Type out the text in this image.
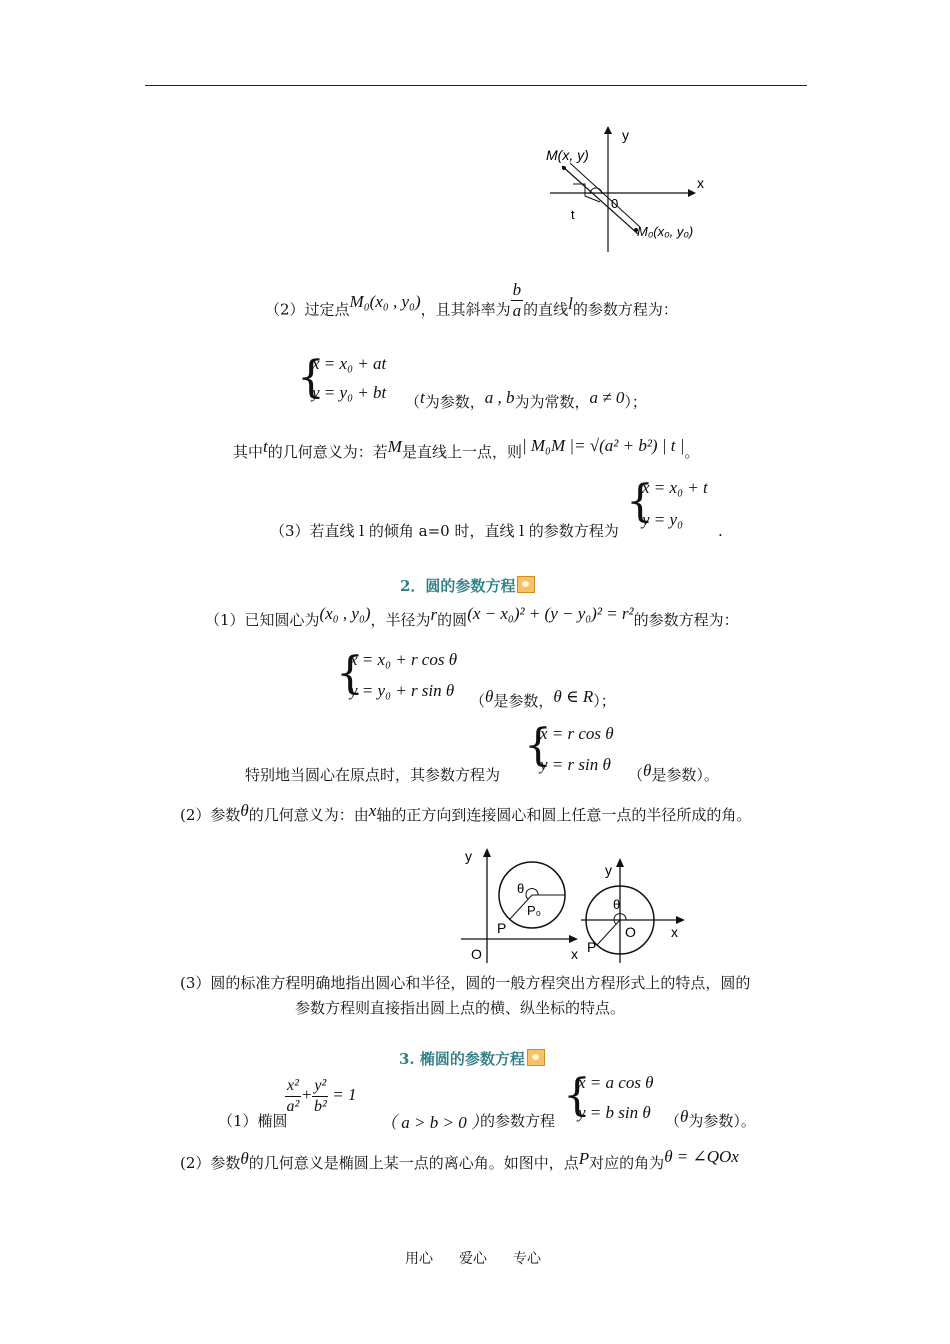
y
x
0
M(x, y)
M₀(x₀, y₀)
t
（2）过定点M₀(x₀ , y₀)，且其斜率为 $\frac{b}{a}$ 的直线l的参数方程为：
{
x = x₀ + at
y = y₀ + bt （t为参数，a , b为为常数，a ≠ 0）；
其中t的几何意义为：若M是直线上一点，则| M₀M |= √(a² + b²) | t |。
（3）若直线 l 的倾角 a=0 时，直线 l 的参数方程为
{
x = x₀ + t
y = y₀
.
2．圆的参数方程
（1）已知圆心为(x₀ , y₀)，半径为r的圆(x − x₀)² + (y − y₀)² = r²的参数方程为：
{
x = x₀ + r cos θ
y = y₀ + r sin θ
（θ是参数，θ ∈ R）；
特别地当圆心在原点时，其参数方程为
{
x = r cos θ
y = r sin θ
（θ是参数）。
(2）参数θ的几何意义为：由x轴的正方向到连接圆心和圆上任意一点的半径所成的角。
y
x
O
P
P₀
θ
y
x
O
P
θ
(3）圆的标准方程明确地指出圆心和半径，圆的一般方程突出方程形式上的特点，圆的
参数方程则直接指出圆上点的横、纵坐标的特点。
3. 椭圆的参数方程
（1）椭圆
$\frac{\text{x²}}{\text{a²}} + \frac{\text{y²}}{\text{b²}} = 1$
（ a > b > 0 ）
的参数方程 {
x = a cos θ
y = b sin θ （θ为参数）。
(2）参数θ的几何意义是椭圆上某一点的离心角。如图中，点P对应的角为θ = ∠QOx
用心 爱心 专心
